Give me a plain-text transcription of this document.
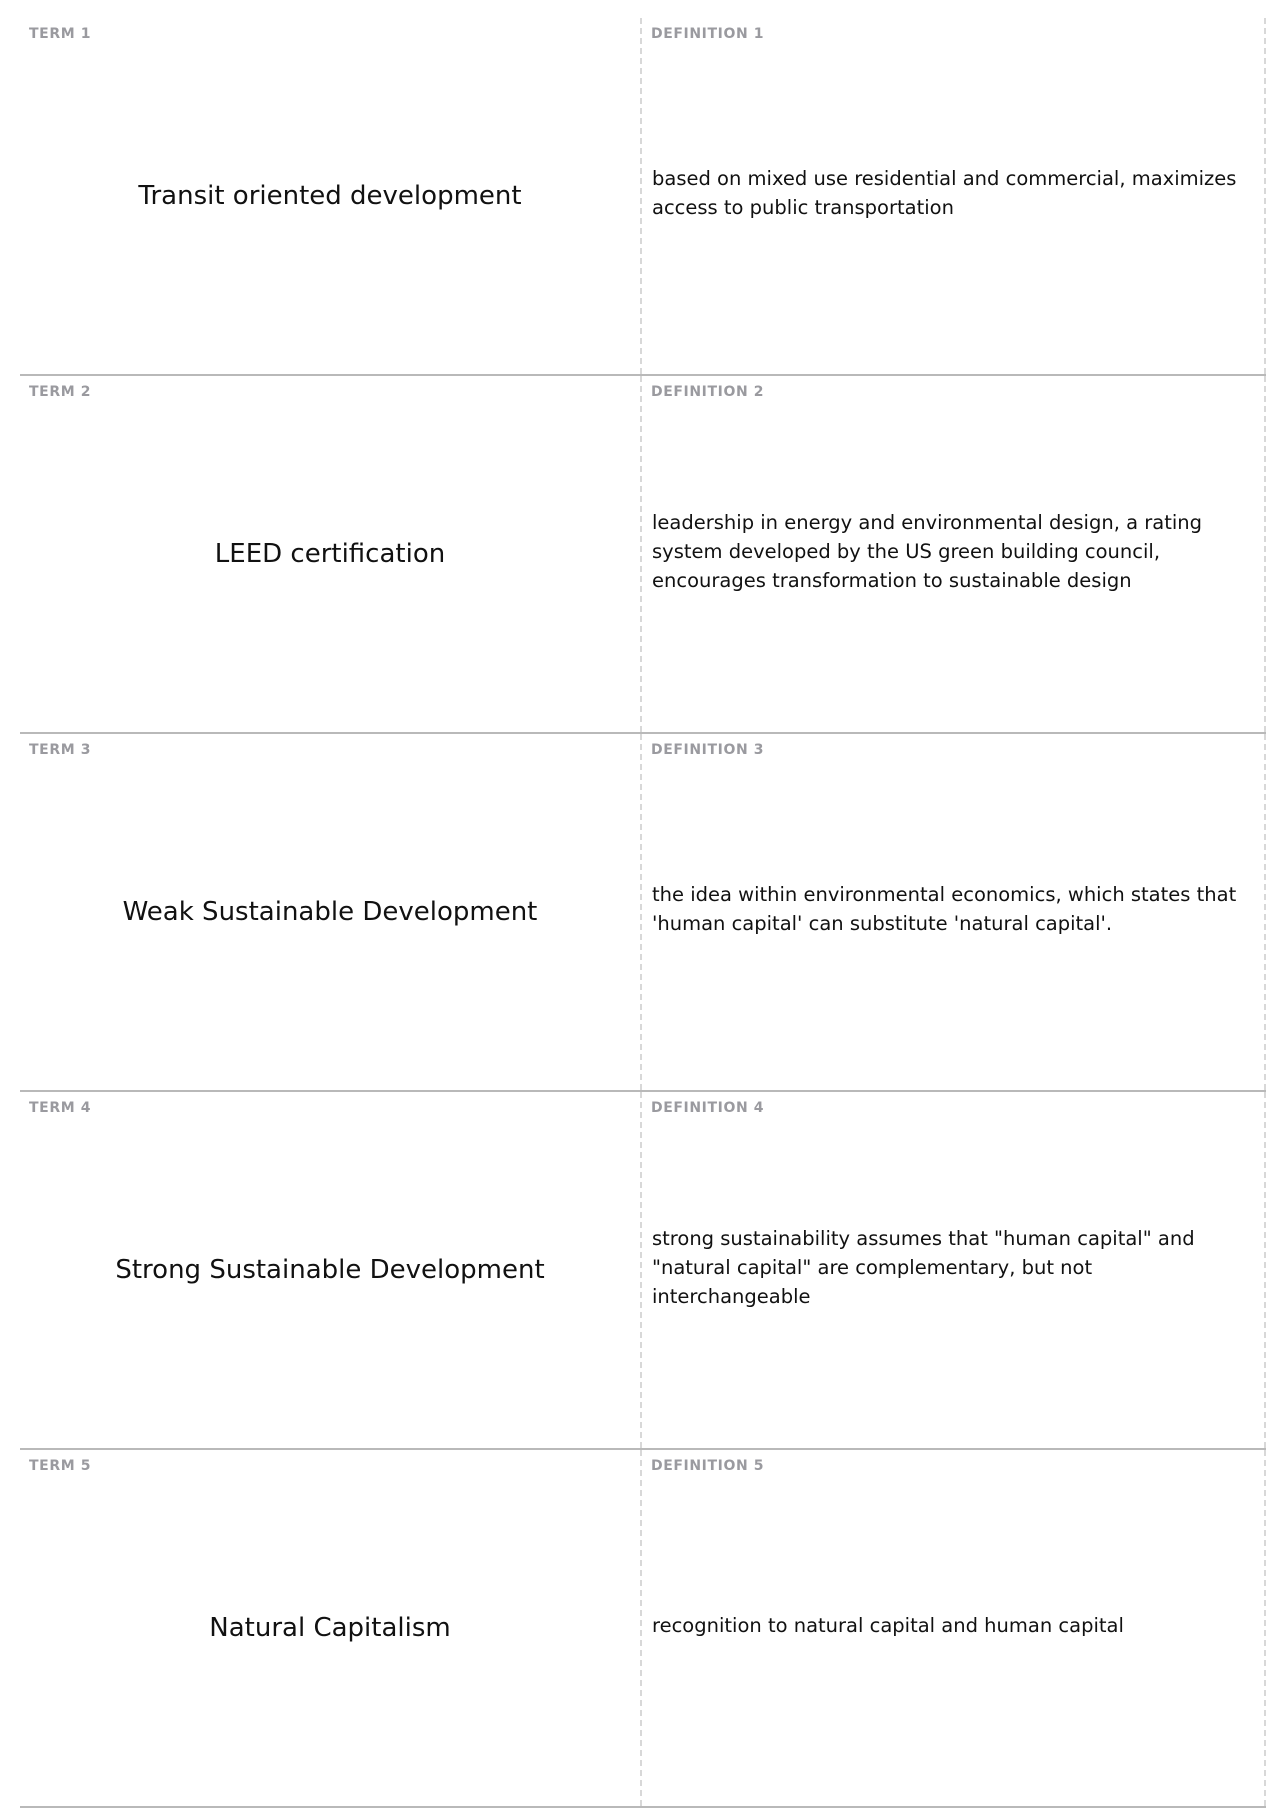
TERM 1
Transit oriented development
DEFINITION 1
based on mixed use residential and commercial, maximizes access to public transportation
TERM 2
LEED certification
DEFINITION 2
leadership in energy and environmental design, a rating system developed by the US green building council, encourages transformation to sustainable design
TERM 3
Weak Sustainable Development
DEFINITION 3
the idea within environmental economics, which states that 'human capital' can substitute 'natural capital'.
TERM 4
Strong Sustainable Development
DEFINITION 4
strong sustainability assumes that "human capital" and "natural capital" are complementary, but not interchangeable
TERM 5
Natural Capitalism
DEFINITION 5
recognition to natural capital and human capital
